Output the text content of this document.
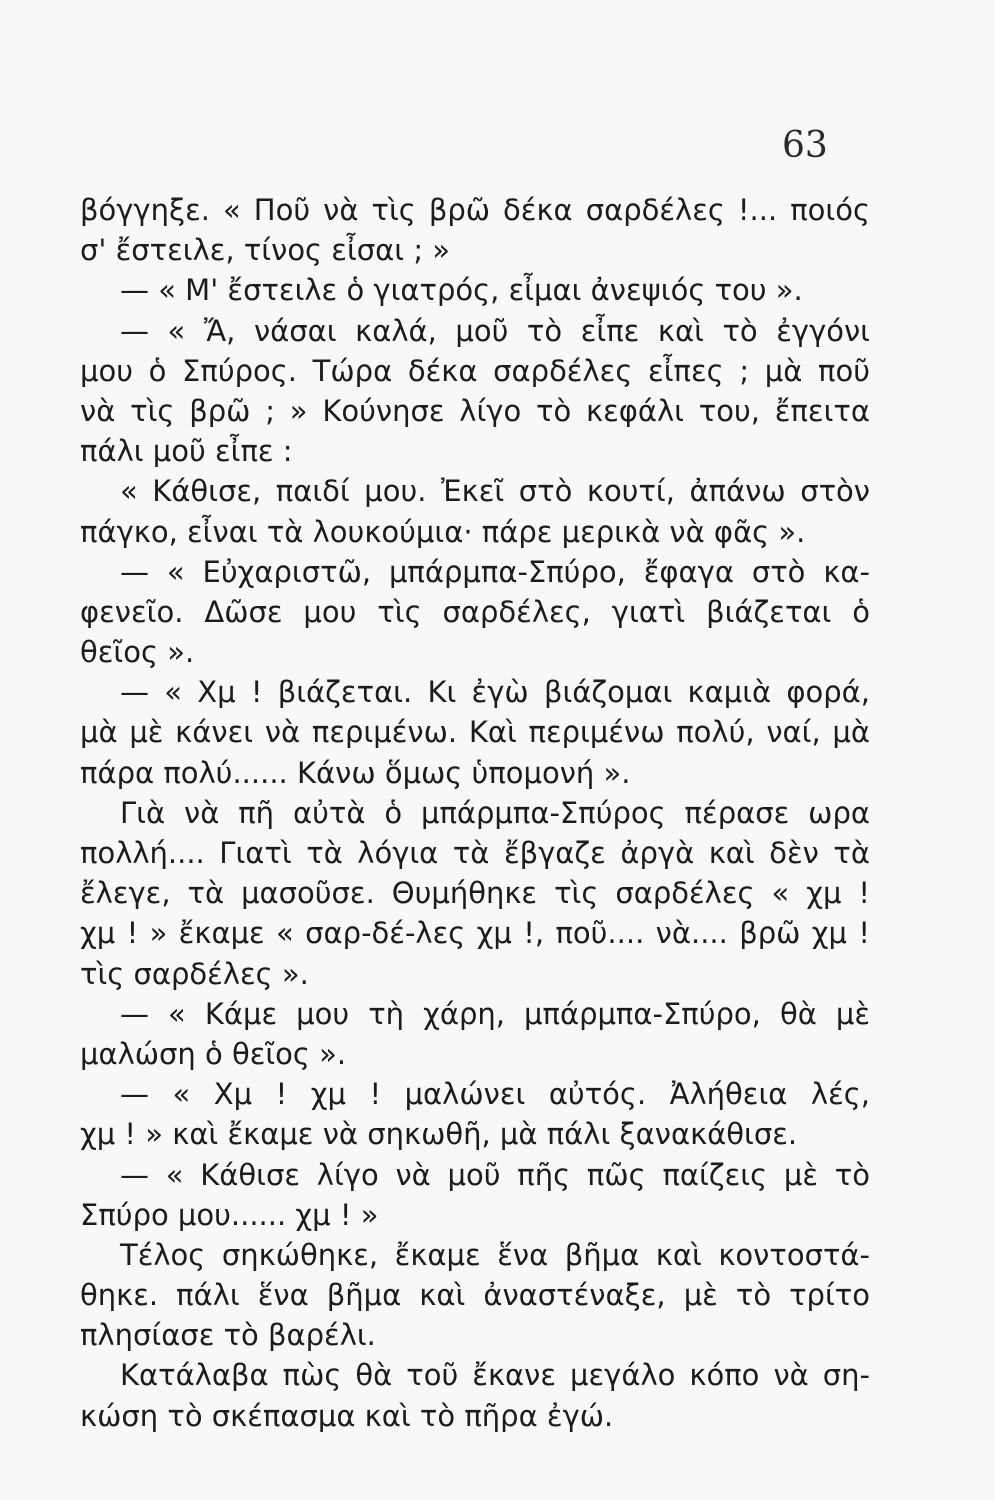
63
βόγγηξε. « Ποῦ νὰ τὶς βρῶ δέκα σαρδέλες !... ποιός
σ' ἔστειλε, τίνος εἶσαι ; »
— « Μ' ἔστειλε ὁ γιατρός, εἶμαι ἀνεψιός του ».
— « Ἄ, νάσαι καλά, μοῦ τὸ εἶπε καὶ τὸ ἐγγόνι
μου ὁ Σπύρος. Τώρα δέκα σαρδέλες εἶπες ; μὰ ποῦ
νὰ τὶς βρῶ ; » Κούνησε λίγο τὸ κεφάλι του, ἔπειτα
πάλι μοῦ εἶπε :
« Κάθισε, παιδί μου. Ἐκεῖ στὸ κουτί, ἀπάνω στὸν
πάγκο, εἶναι τὰ λουκούμια· πάρε μερικὰ νὰ φᾶς ».
— « Εὐχαριστῶ, μπάρμπα-Σπύρο, ἔφαγα στὸ κα-
φενεῖο. Δῶσε μου τὶς σαρδέλες, γιατὶ βιάζεται ὁ
θεῖος ».
— « Χμ ! βιάζεται. Κι ἐγὼ βιάζομαι καμιὰ φορά,
μὰ μὲ κάνει νὰ περιμένω. Καὶ περιμένω πολύ, ναί, μὰ
πάρα πολύ...... Κάνω ὅμως ὑπομονή ».
Γιὰ νὰ πῆ αὐτὰ ὁ μπάρμπα-Σπύρος πέρασε ωρα
πολλή.... Γιατὶ τὰ λόγια τὰ ἔβγαζε ἀργὰ καὶ δὲν τὰ
ἔλεγε, τὰ μασοῦσε. Θυμήθηκε τὶς σαρδέλες « χμ !
χμ ! » ἔκαμε « σαρ-δέ-λες χμ !, ποῦ.... νὰ.... βρῶ χμ !
τὶς σαρδέλες ».
— « Κάμε μου τὴ χάρη, μπάρμπα-Σπύρο, θὰ μὲ
μαλώση ὁ θεῖος ».
— « Χμ ! χμ ! μαλώνει αὐτός. Ἀλήθεια λές,
χμ ! » καὶ ἔκαμε νὰ σηκωθῆ, μὰ πάλι ξανακάθισε.
— « Κάθισε λίγο νὰ μοῦ πῆς πῶς παίζεις μὲ τὸ
Σπύρο μου...... χμ ! »
Τέλος σηκώθηκε, ἔκαμε ἕνα βῆμα καὶ κοντοστά-
θηκε. πάλι ἕνα βῆμα καὶ ἀναστέναξε, μὲ τὸ τρίτο
πλησίασε τὸ βαρέλι.
Κατάλαβα πὼς θὰ τοῦ ἔκανε μεγάλο κόπο νὰ ση-
κώση τὸ σκέπασμα καὶ τὸ πῆρα ἐγώ.
